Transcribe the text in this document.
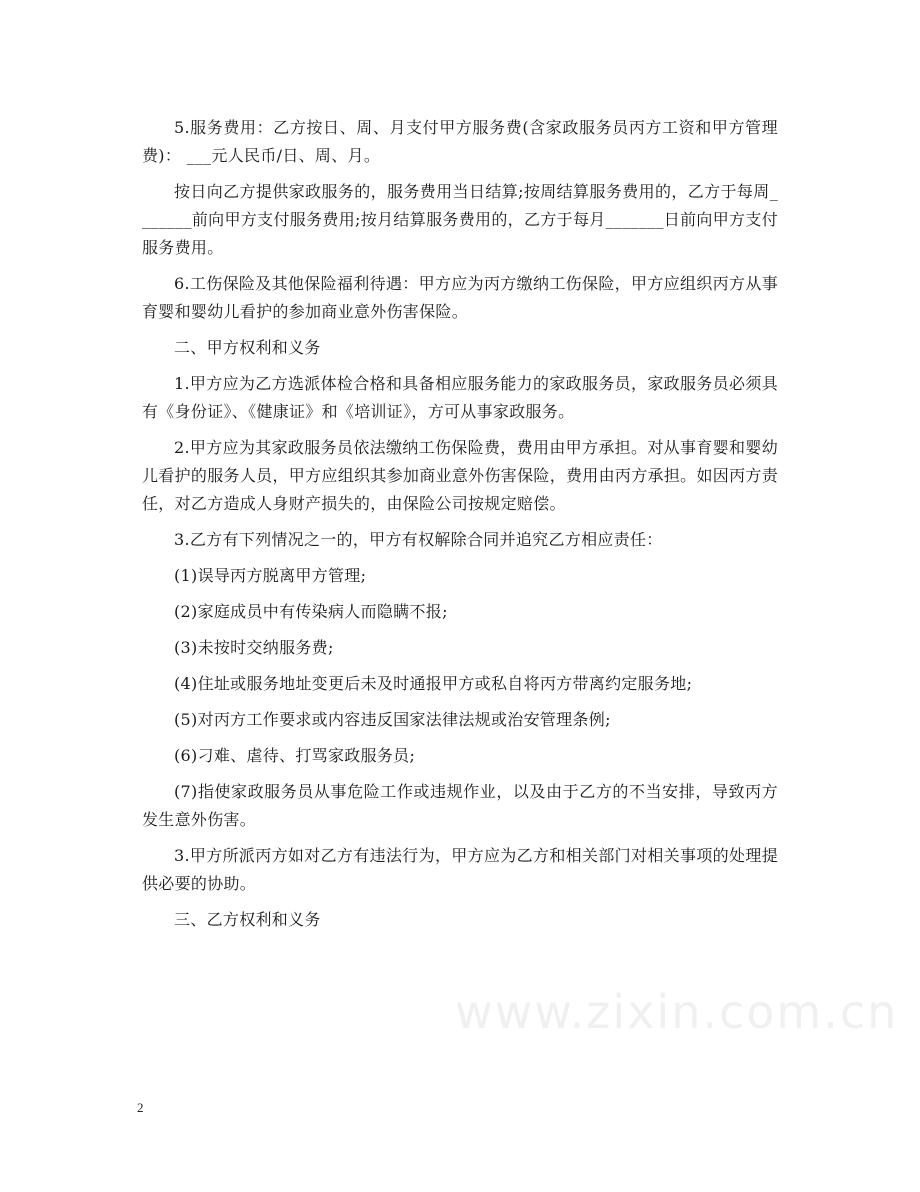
5.服务费用：乙方按日、周、月支付甲方服务费(含家政服务员丙方工资和甲方管理费)： ___元人民币/日、周、月。

按日向乙方提供家政服务的，服务费用当日结算;按周结算服务费用的，乙方于每周_______前向甲方支付服务费用;按月结算服务费用的，乙方于每月_______日前向甲方支付服务费用。

6.工伤保险及其他保险福利待遇：甲方应为丙方缴纳工伤保险，甲方应组织丙方从事育婴和婴幼儿看护的参加商业意外伤害保险。

二、甲方权利和义务

1.甲方应为乙方选派体检合格和具备相应服务能力的家政服务员，家政服务员必须具有《身份证》、《健康证》和《培训证》，方可从事家政服务。

2.甲方应为其家政服务员依法缴纳工伤保险费，费用由甲方承担。对从事育婴和婴幼儿看护的服务人员，甲方应组织其参加商业意外伤害保险，费用由丙方承担。如因丙方责任，对乙方造成人身财产损失的，由保险公司按规定赔偿。

3.乙方有下列情况之一的，甲方有权解除合同并追究乙方相应责任：

(1)误导丙方脱离甲方管理;

(2)家庭成员中有传染病人而隐瞒不报;

(3)未按时交纳服务费;

(4)住址或服务地址变更后未及时通报甲方或私自将丙方带离约定服务地;

(5)对丙方工作要求或内容违反国家法律法规或治安管理条例;

(6)刁难、虐待、打骂家政服务员;

(7)指使家政服务员从事危险工作或违规作业，以及由于乙方的不当安排，导致丙方发生意外伤害。

3.甲方所派丙方如对乙方有违法行为，甲方应为乙方和相关部门对相关事项的处理提供必要的协助。

三、乙方权利和义务

www.zixin.com.cn
2
